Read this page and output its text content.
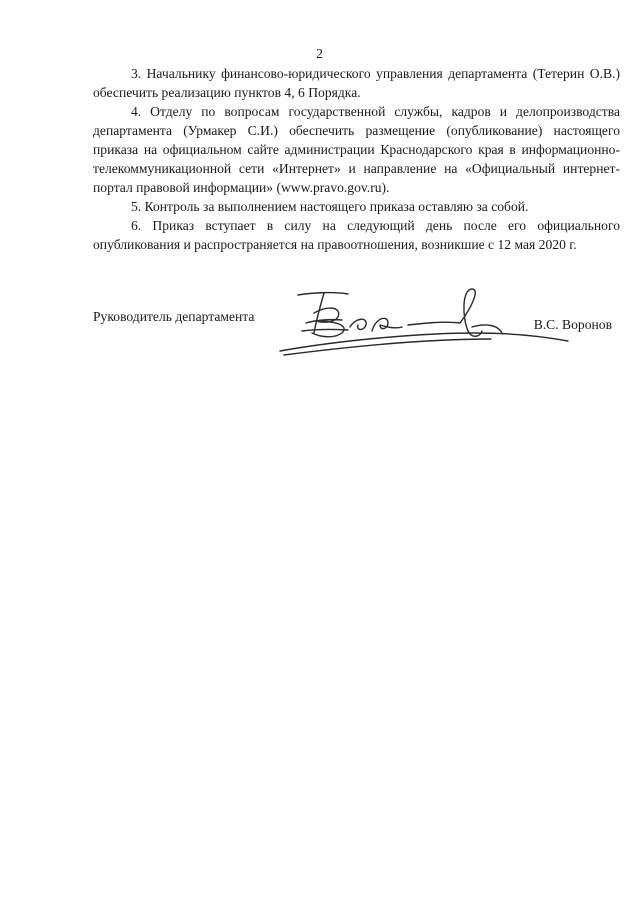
2

3. Начальнику финансово-юридического управления департамента (Тетерин О.В.) обеспечить реализацию пунктов 4, 6 Порядка.

4. Отделу по вопросам государственной службы, кадров и делопроизводства департамента (Урмакер С.И.) обеспечить размещение (опубликование) настоящего приказа на официальном сайте администрации Краснодарского края в информационно-телекоммуникационной сети «Интернет» и направление на «Официальный интернет-портал правовой информации» (www.pravo.gov.ru).

5. Контроль за выполнением настоящего приказа оставляю за собой.

6. Приказ вступает в силу на следующий день после его официального опубликования и распространяется на правоотношения, возникшие с 12 мая 2020 г.

Руководитель департамента
В.С. Воронов
